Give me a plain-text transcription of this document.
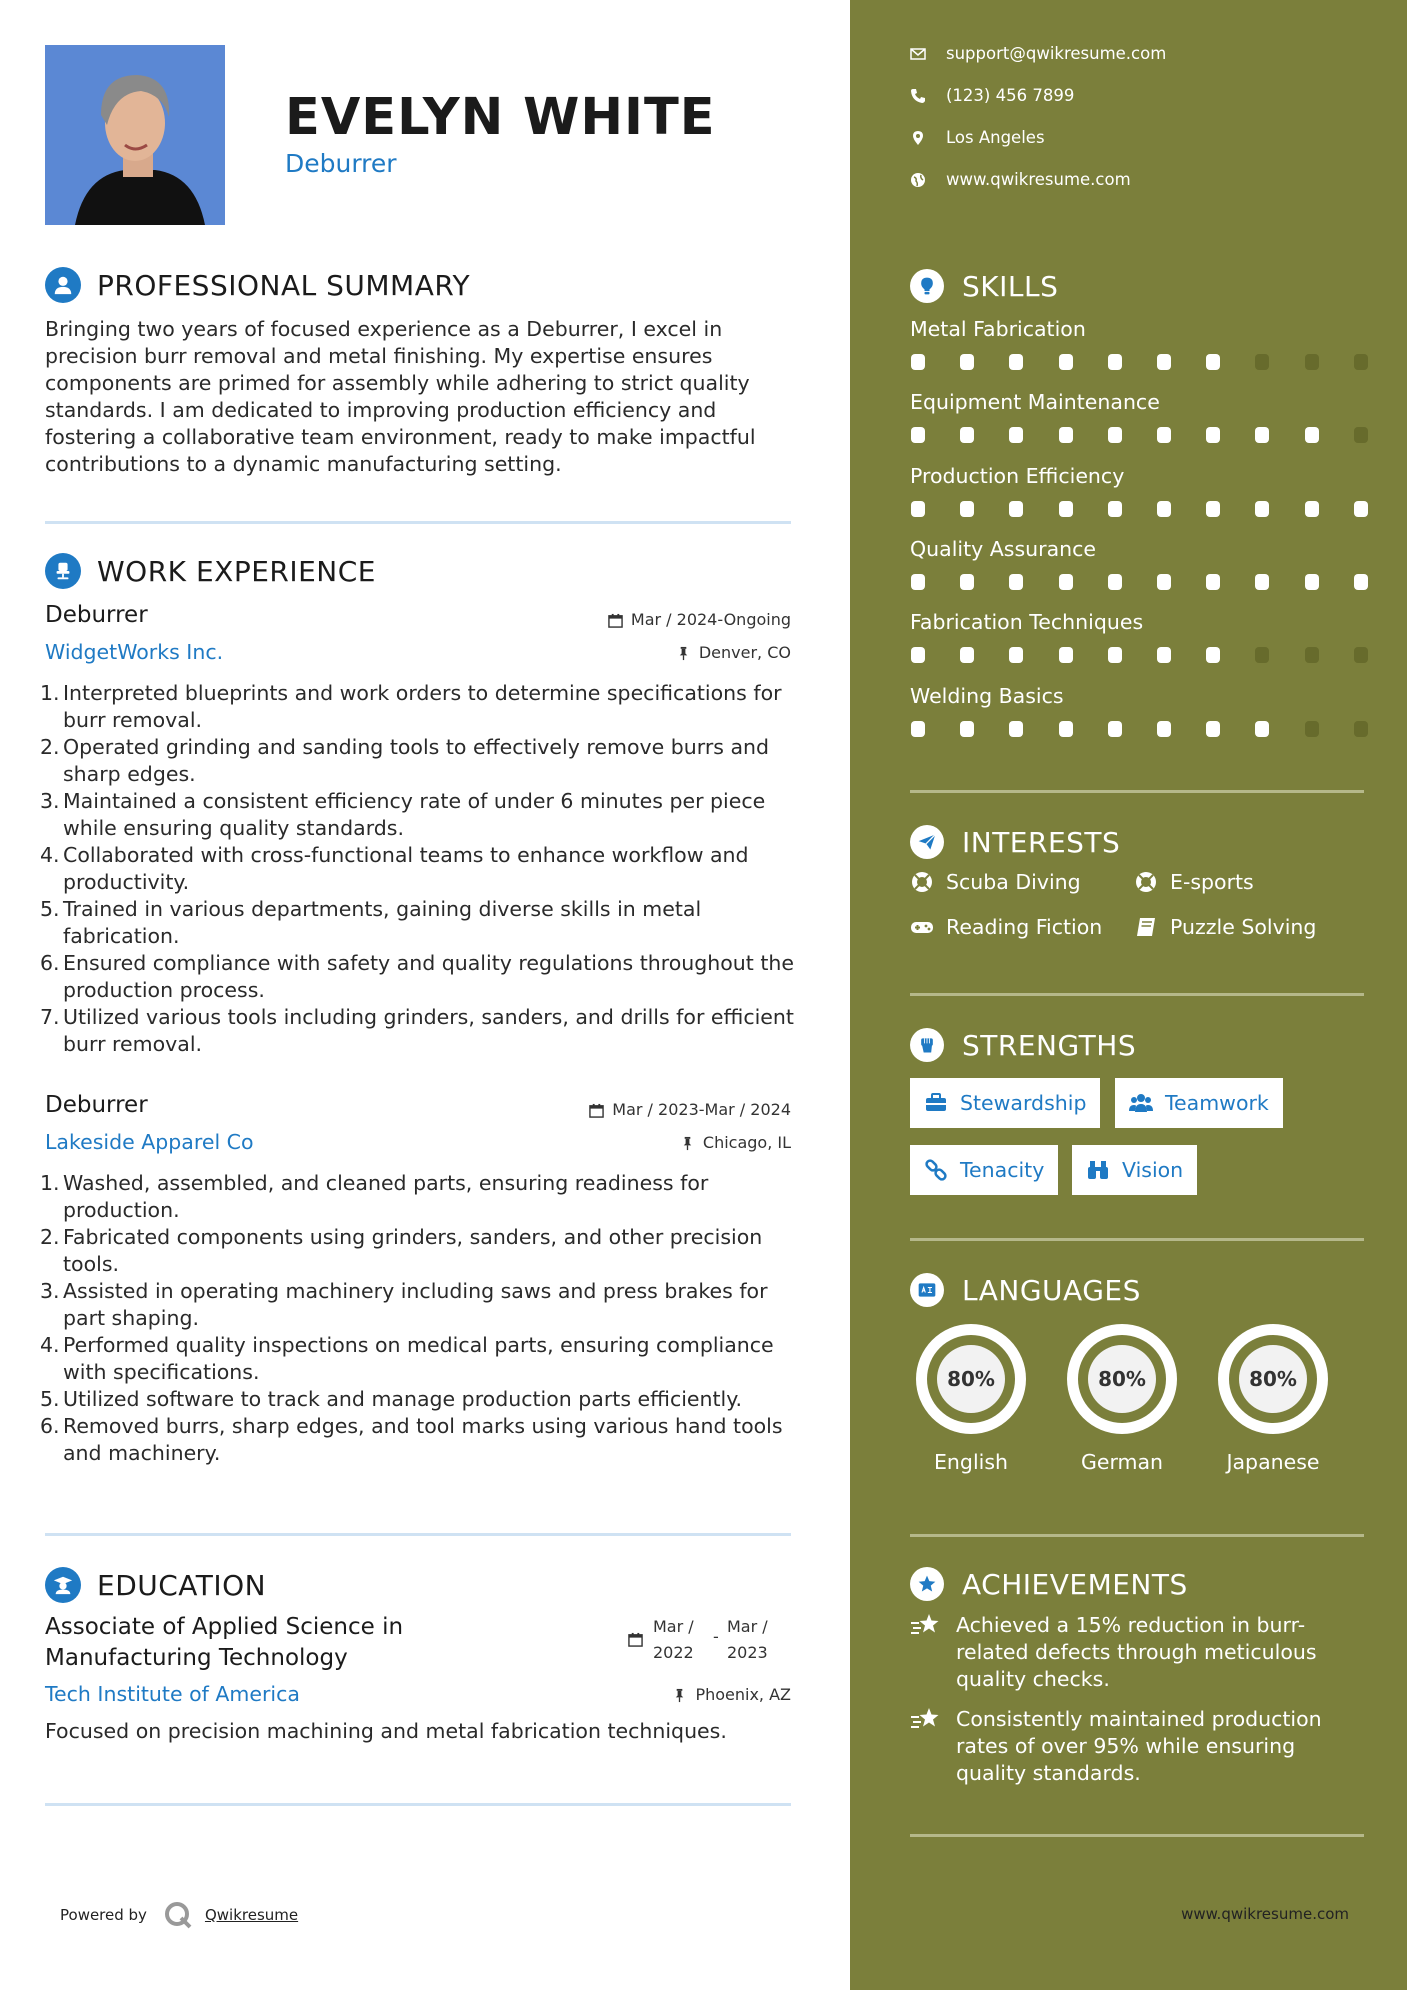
EVELYN WHITE
Deburrer
PROFESSIONAL SUMMARY
Bringing two years of focused experience as a Deburrer, I excel in precision burr removal and metal finishing. My expertise ensures components are primed for assembly while adhering to strict quality standards. I am dedicated to improving production efficiency and fostering a collaborative team environment, ready to make impactful contributions to a dynamic manufacturing setting.
WORK EXPERIENCE
Deburrer	Mar / 2024-Ongoing
WidgetWorks Inc.	Denver, CO
1. Interpreted blueprints and work orders to determine specifications for burr removal.
2. Operated grinding and sanding tools to effectively remove burrs and sharp edges.
3. Maintained a consistent efficiency rate of under 6 minutes per piece while ensuring quality standards.
4. Collaborated with cross-functional teams to enhance workflow and productivity.
5. Trained in various departments, gaining diverse skills in metal fabrication.
6. Ensured compliance with safety and quality regulations throughout the production process.
7. Utilized various tools including grinders, sanders, and drills for efficient burr removal.
Deburrer	Mar / 2023-Mar / 2024
Lakeside Apparel Co	Chicago, IL
1. Washed, assembled, and cleaned parts, ensuring readiness for production.
2. Fabricated components using grinders, sanders, and other precision tools.
3. Assisted in operating machinery including saws and press brakes for part shaping.
4. Performed quality inspections on medical parts, ensuring compliance with specifications.
5. Utilized software to track and manage production parts efficiently.
6. Removed burrs, sharp edges, and tool marks using various hand tools and machinery.
EDUCATION
Associate of Applied Science in Manufacturing Technology
Mar /
2022
-
Mar /
2023
Tech Institute of America	Phoenix, AZ
Focused on precision machining and metal fabrication techniques.
Powered by	Qwikresume
support@qwikresume.com
(123) 456 7899
Los Angeles
www.qwikresume.com
SKILLS
Metal Fabrication
Equipment Maintenance
Production Efficiency
Quality Assurance
Fabrication Techniques
Welding Basics
INTERESTS
Scuba Diving	E-sports
Reading Fiction	Puzzle Solving
STRENGTHS
Stewardship	Teamwork
Tenacity	Vision
LANGUAGES
80%
English
80%
German
80%
Japanese
ACHIEVEMENTS
Achieved a 15% reduction in burr-related defects through meticulous quality checks.
Consistently maintained production rates of over 95% while ensuring quality standards.
www.qwikresume.com
